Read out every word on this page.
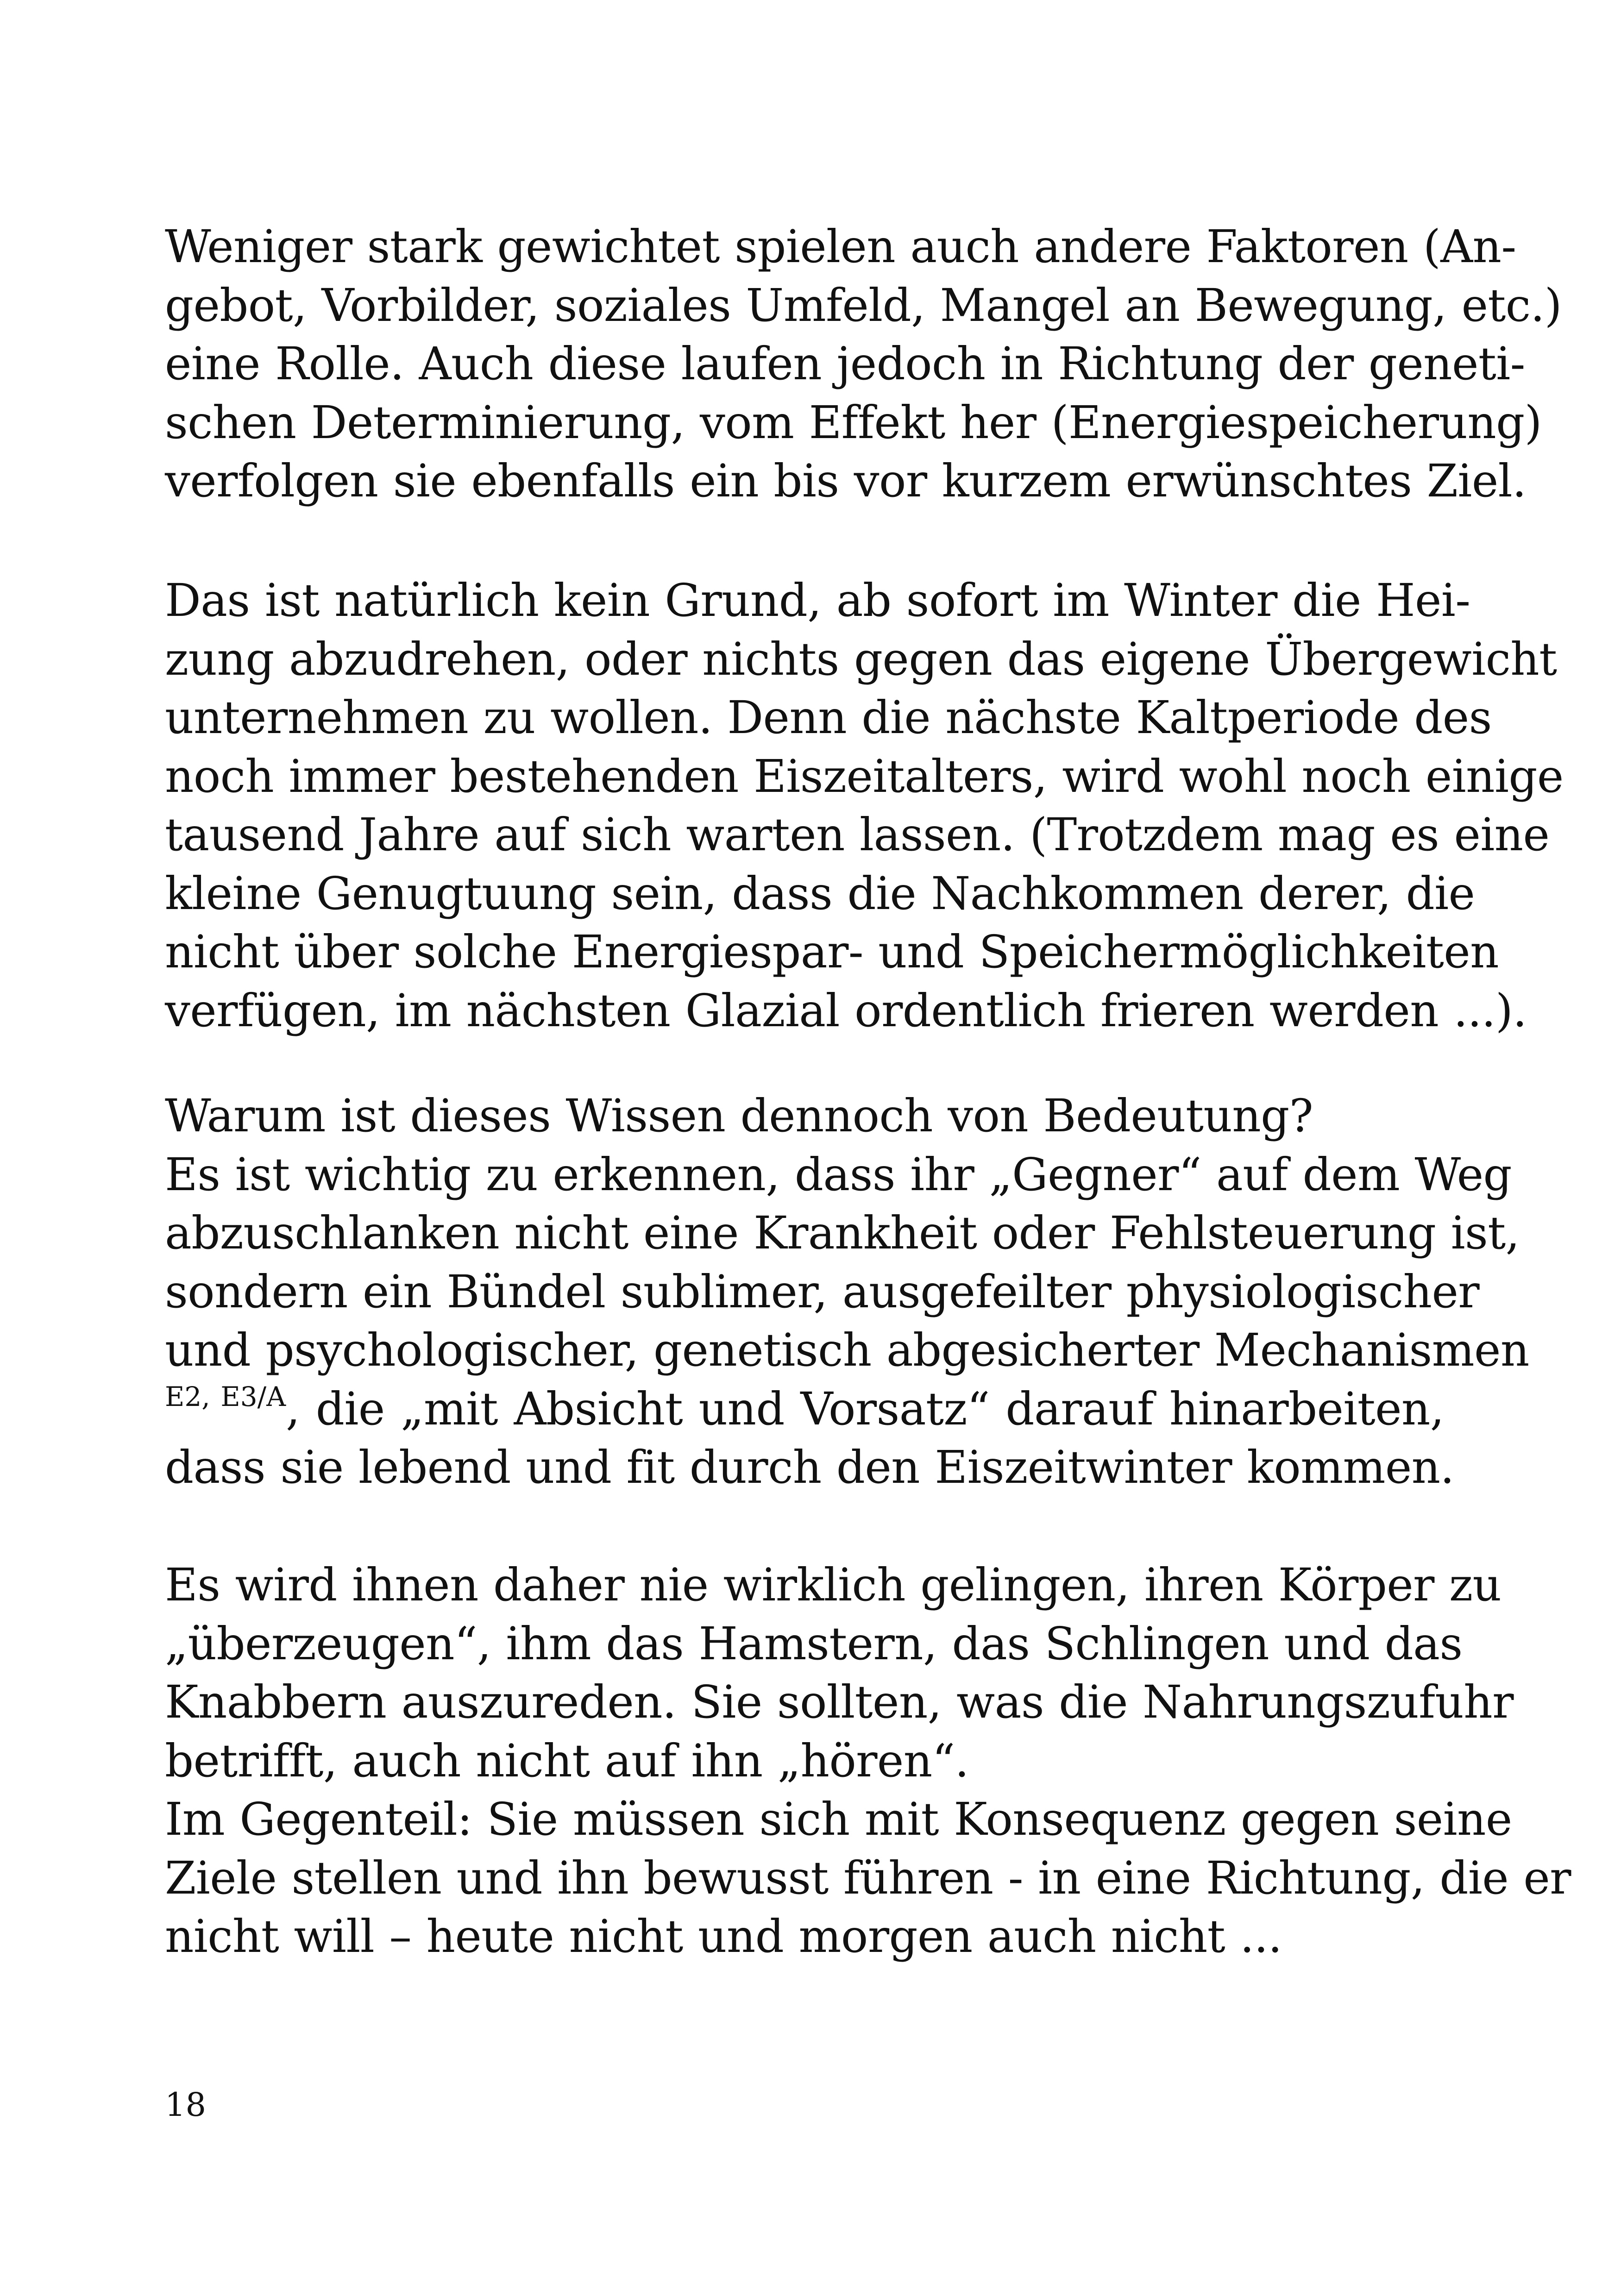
Weniger stark gewichtet spielen auch andere Faktoren (An-
gebot, Vorbilder, soziales Umfeld, Mangel an Bewegung, etc.)
eine Rolle. Auch diese laufen jedoch in Richtung der geneti-
schen Determinierung, vom Effekt her (Energiespeicherung)
verfolgen sie ebenfalls ein bis vor kurzem erwünschtes Ziel.
Das ist natürlich kein Grund, ab sofort im Winter die Hei-
zung abzudrehen, oder nichts gegen das eigene Übergewicht
unternehmen zu wollen. Denn die nächste Kaltperiode des
noch immer bestehenden Eiszeitalters, wird wohl noch einige
tausend Jahre auf sich warten lassen. (Trotzdem mag es eine
kleine Genugtuung sein, dass die Nachkommen derer, die
nicht über solche Energiespar- und Speichermöglichkeiten
verfügen, im nächsten Glazial ordentlich frieren werden ...).
Warum ist dieses Wissen dennoch von Bedeutung?
Es ist wichtig zu erkennen, dass ihr „Gegner“ auf dem Weg
abzuschlanken nicht eine Krankheit oder Fehlsteuerung ist,
sondern ein Bündel sublimer, ausgefeilter physiologischer
und psychologischer, genetisch abgesicherter Mechanismen
$^{E2, E3/A}$, die „mit Absicht und Vorsatz“ darauf hinarbeiten,
dass sie lebend und fit durch den Eiszeitwinter kommen.
Es wird ihnen daher nie wirklich gelingen, ihren Körper zu
„überzeugen“, ihm das Hamstern, das Schlingen und das
Knabbern auszureden. Sie sollten, was die Nahrungszufuhr
betrifft, auch nicht auf ihn „hören“.
Im Gegenteil: Sie müssen sich mit Konsequenz gegen seine
Ziele stellen und ihn bewusst führen - in eine Richtung, die er
nicht will – heute nicht und morgen auch nicht ...
18
